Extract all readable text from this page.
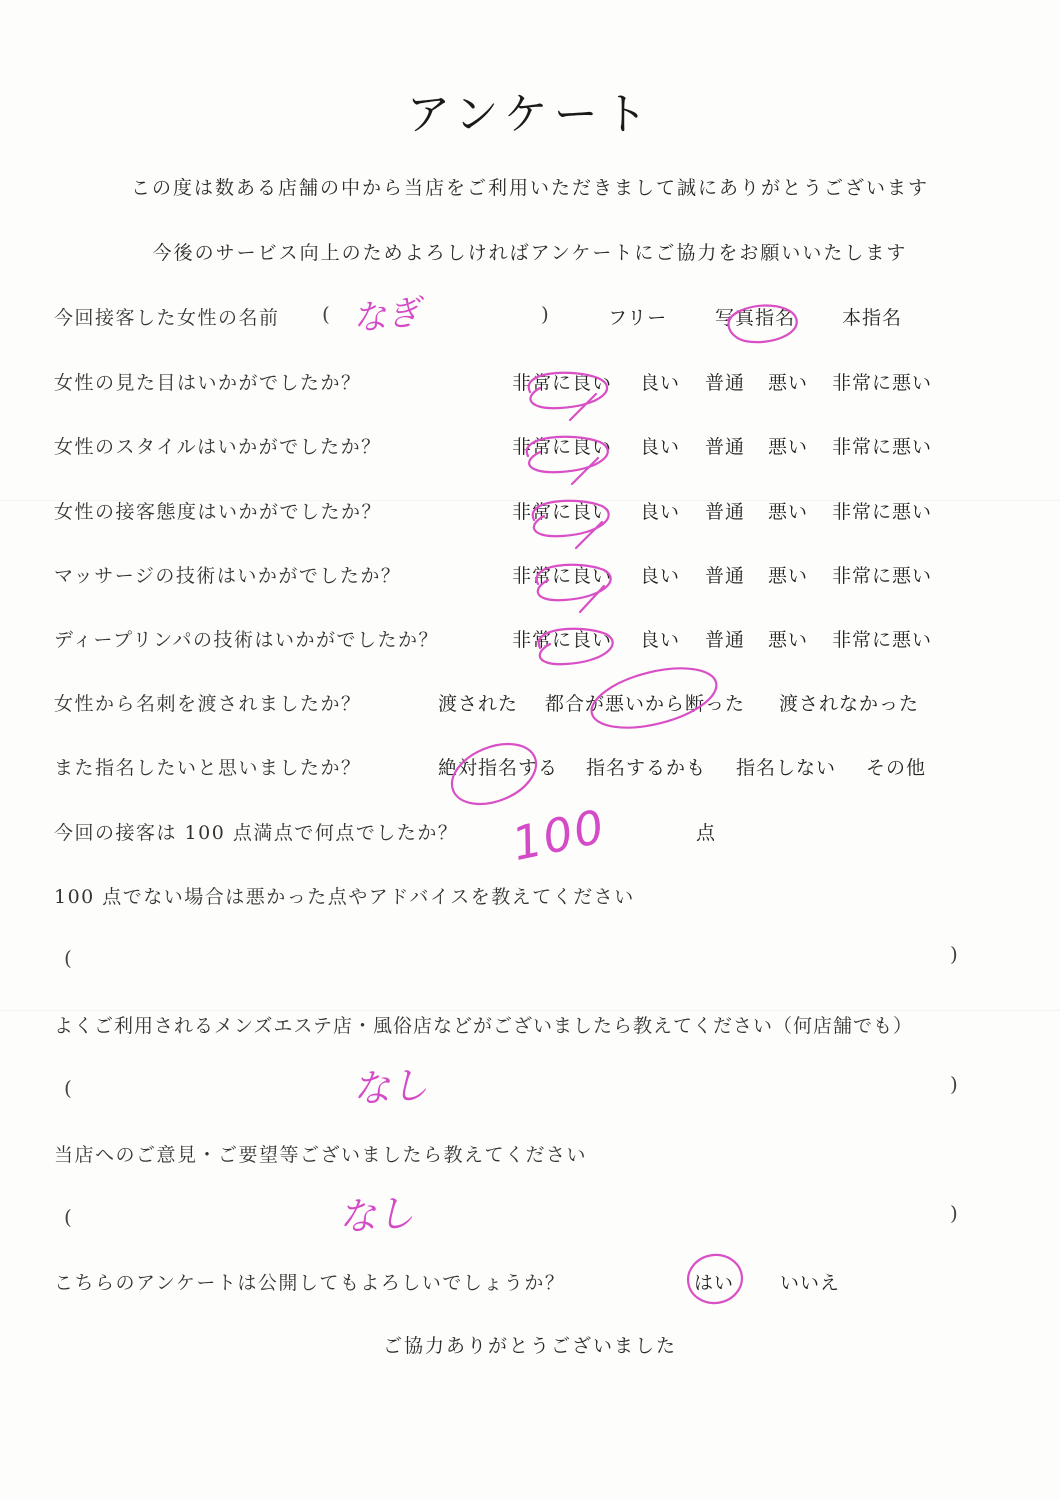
アンケート
この度は数ある店舗の中から当店をご利用いただきまして誠にありがとうございます
今後のサービス向上のためよろしければアンケートにご協力をお願いいたします
今回接客した女性の名前 ( なぎ	)	フリー	写真指名 本指名
女性の見た目はいかがでしたか？	非常に良い 良い 普通 悪い 非常に悪い
女性のスタイルはいかがでしたか？	非常に良い 良い 普通 悪い 非常に悪い
女性の接客態度はいかがでしたか？	非常に良い 良い 普通 悪い 非常に悪い
マッサージの技術はいかがでしたか？	非常に良い 良い 普通 悪い 非常に悪い
ディープリンパの技術はいかがでしたか？	非常に良い 良い 普通 悪い 非常に悪い
女性から名刺を渡されましたか？	渡された 都合が悪いから断った 渡されなかった
また指名したいと思いましたか？	絶対指名する 指名するかも 指名しない その他
今回の接客は 100 点満点で何点でしたか？ 100	点
100 点でない場合は悪かった点やアドバイスを教えてください
(	)
よくご利用されるメンズエステ店・風俗店などがございましたら教えてください（何店舗でも）
(	なし	)
当店へのご意見・ご要望等ございましたら教えてください
(	なし	)
こちらのアンケートは公開してもよろしいでしょうか？	はい いいえ
ご協力ありがとうございました
